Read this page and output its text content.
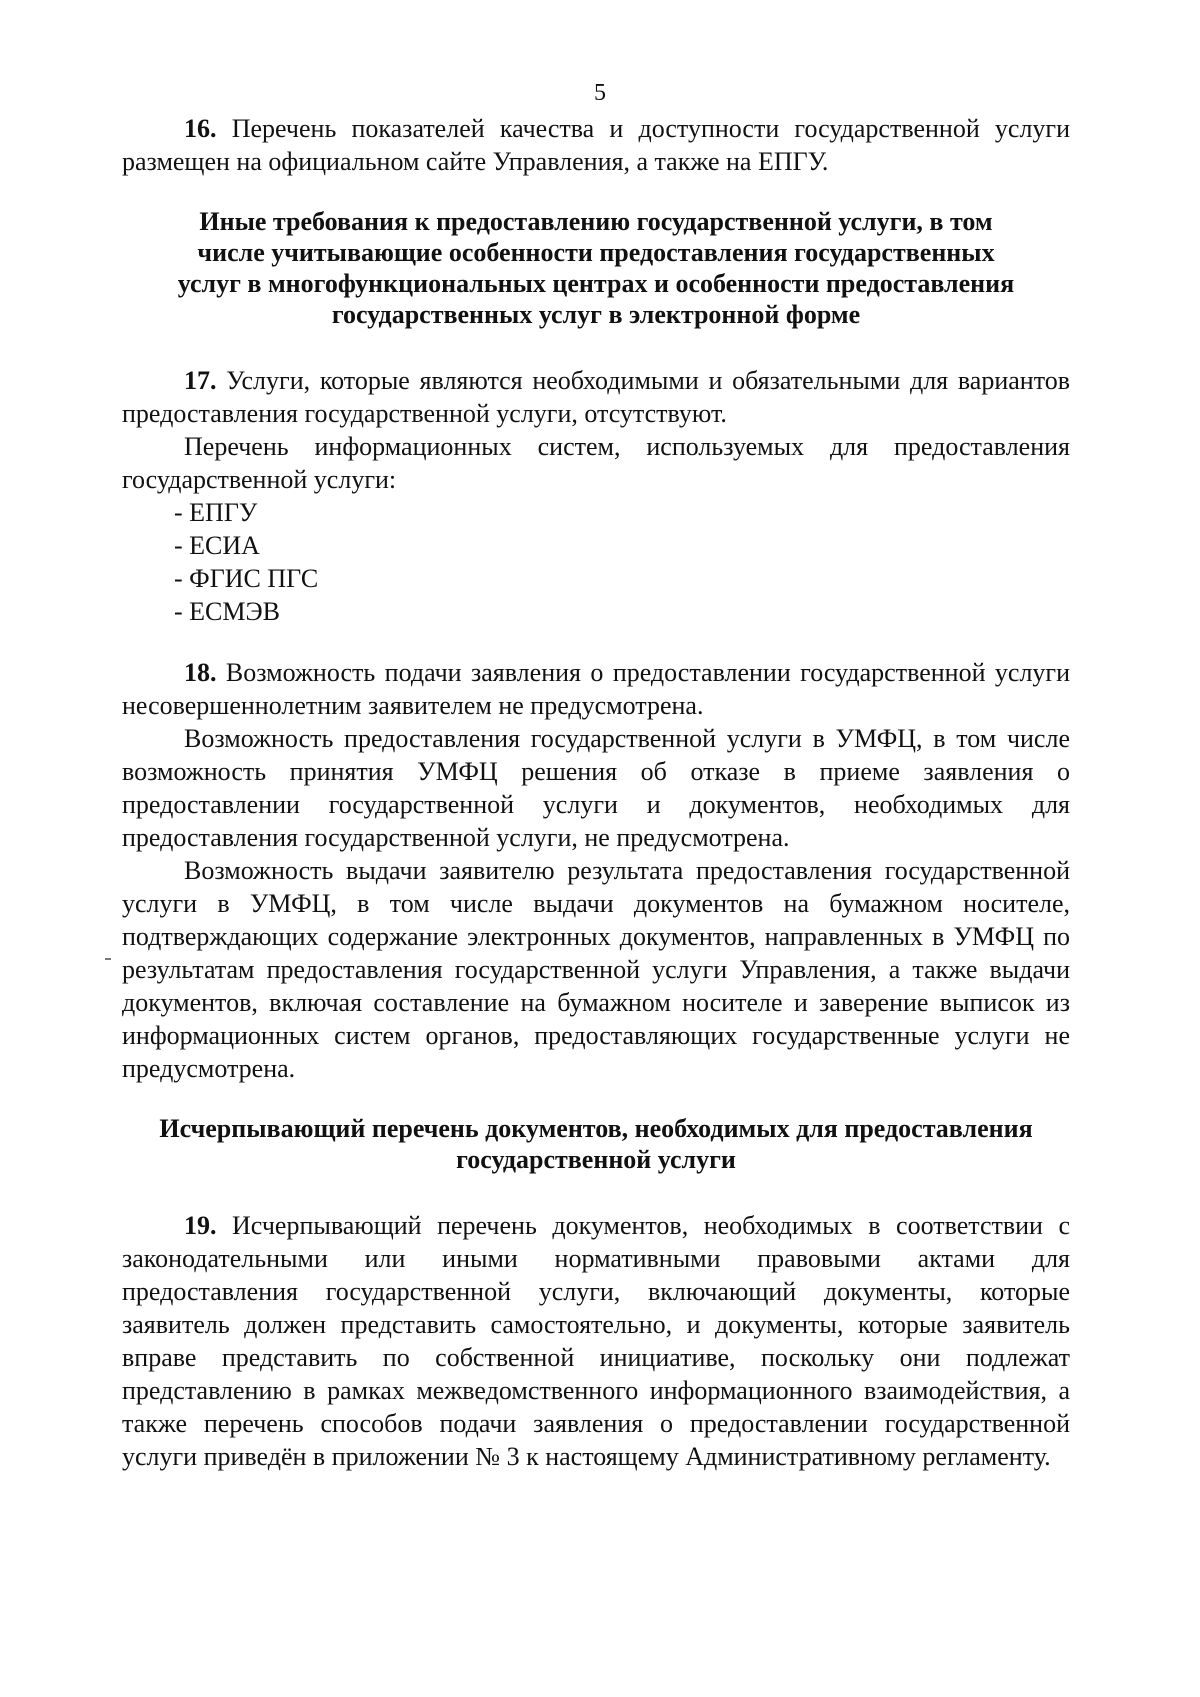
5

16. Перечень показателей качества и доступности государственной услуги размещен на официальном сайте Управления, а также на ЕПГУ.

Иные требования к предоставлению государственной услуги, в том числе учитывающие особенности предоставления государственных услуг в многофункциональных центрах и особенности предоставления государственных услуг в электронной форме

17. Услуги, которые являются необходимыми и обязательными для вариантов предоставления государственной услуги, отсутствуют.

Перечень информационных систем, используемых для предоставления государственной услуги:

- ЕПГУ
- ЕСИА
- ФГИС ПГС
- ЕСМЭВ

18. Возможность подачи заявления о предоставлении государственной услуги несовершеннолетним заявителем не предусмотрена.

Возможность предоставления государственной услуги в УМФЦ, в том числе возможность принятия УМФЦ решения об отказе в приеме заявления о предоставлении государственной услуги и документов, необходимых для предоставления государственной услуги, не предусмотрена.

Возможность выдачи заявителю результата предоставления государственной услуги в УМФЦ, в том числе выдачи документов на бумажном носителе, подтверждающих содержание электронных документов, направленных в УМФЦ по результатам предоставления государственной услуги Управления, а также выдачи документов, включая составление на бумажном носителе и заверение выписок из информационных систем органов, предоставляющих государственные услуги не предусмотрена.

Исчерпывающий перечень документов, необходимых для предоставления государственной услуги

19. Исчерпывающий перечень документов, необходимых в соответствии с законодательными или иными нормативными правовыми актами для предоставления государственной услуги, включающий документы, которые заявитель должен представить самостоятельно, и документы, которые заявитель вправе представить по собственной инициативе, поскольку они подлежат представлению в рамках межведомственного информационного взаимодействия, а также перечень способов подачи заявления о предоставлении государственной услуги приведён в приложении № 3 к настоящему Административному регламенту.
